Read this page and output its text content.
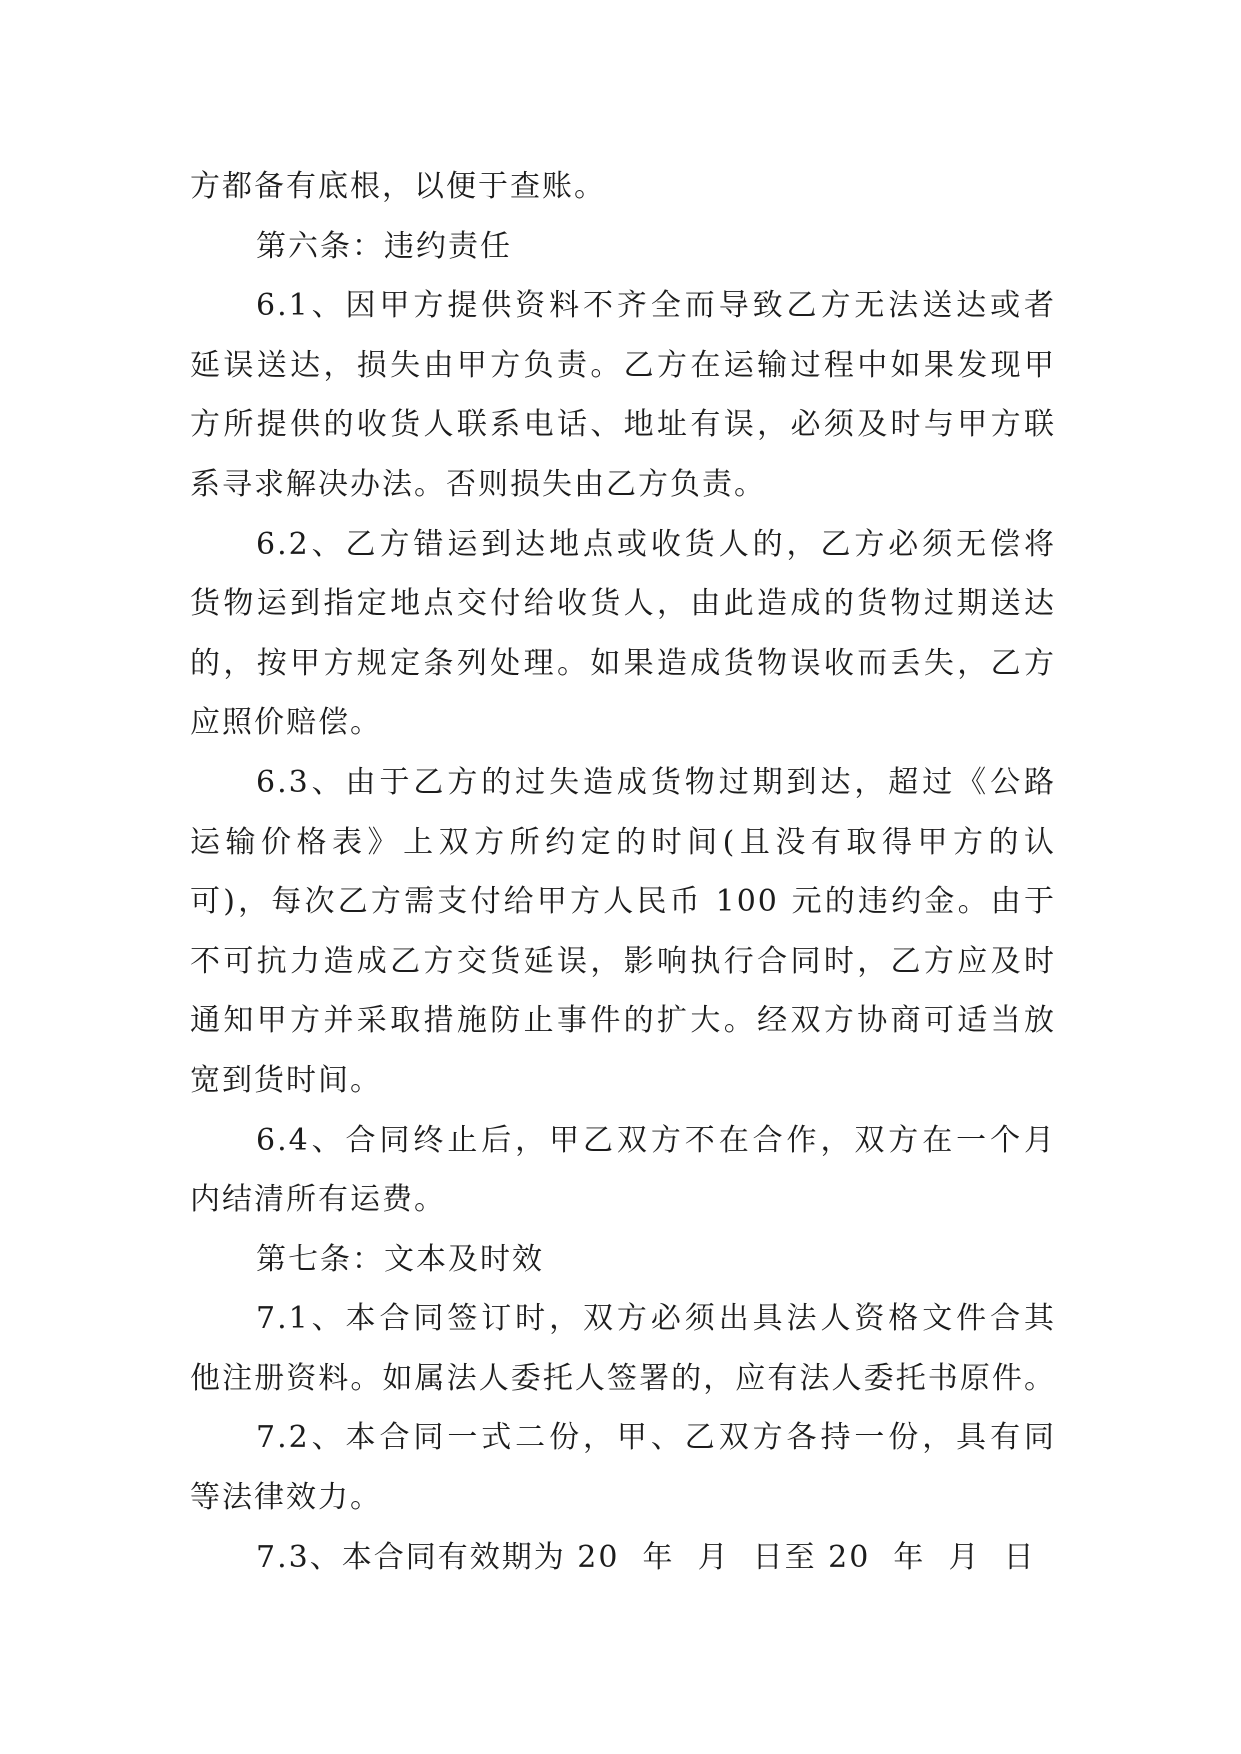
方都备有底根，以便于查账。
第六条：违约责任
6.1、因甲方提供资料不齐全而导致乙方无法送达或者
延误送达，损失由甲方负责。乙方在运输过程中如果发现甲
方所提供的收货人联系电话、地址有误，必须及时与甲方联
系寻求解决办法。否则损失由乙方负责。
6.2、乙方错运到达地点或收货人的，乙方必须无偿将
货物运到指定地点交付给收货人，由此造成的货物过期送达
的，按甲方规定条列处理。如果造成货物误收而丢失，乙方
应照价赔偿。
6.3、由于乙方的过失造成货物过期到达，超过《公路
运输价格表》上双方所约定的时间(且没有取得甲方的认
可)，每次乙方需支付给甲方人民币 100 元的违约金。由于
不可抗力造成乙方交货延误，影响执行合同时，乙方应及时
通知甲方并采取措施防止事件的扩大。经双方协商可适当放
宽到货时间。
6.4、合同终止后，甲乙双方不在合作，双方在一个月
内结清所有运费。
第七条：文本及时效
7.1、本合同签订时，双方必须出具法人资格文件合其
他注册资料。如属法人委托人签署的，应有法人委托书原件。
7.2、本合同一式二份，甲、乙双方各持一份，具有同
等法律效力。
7.3、本合同有效期为 20  年  月  日至 20  年  月  日
